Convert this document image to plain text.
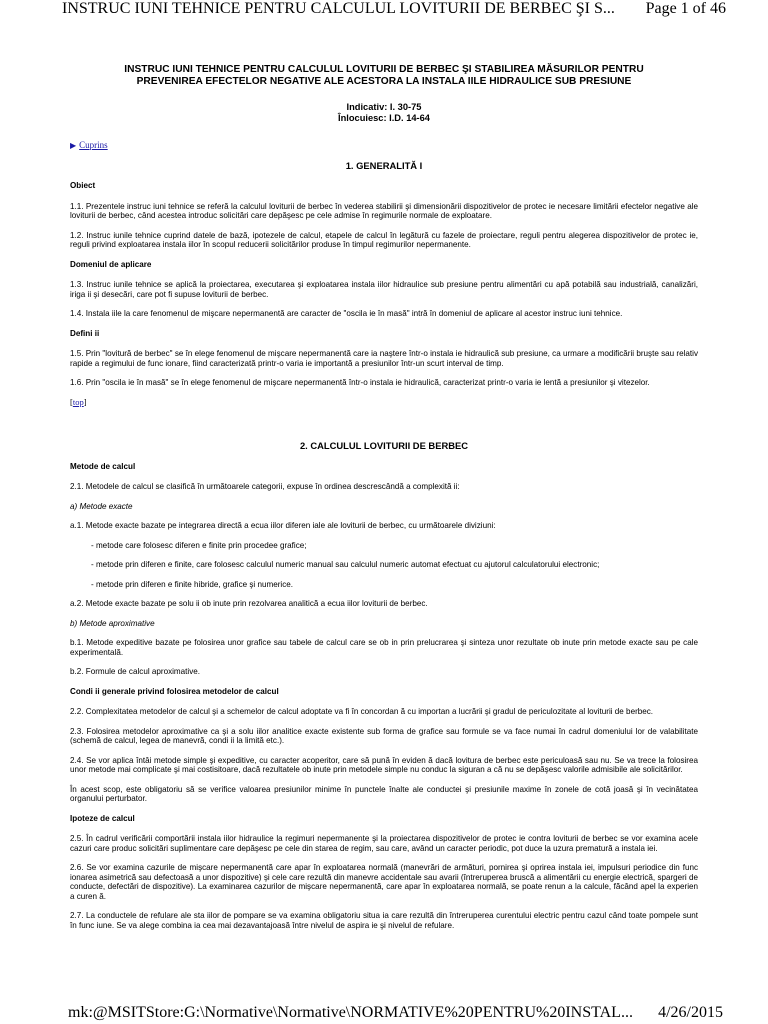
INSTRUC IUNI TEHNICE PENTRU CALCULUL LOVITURII DE BERBEC ŞI S... Page 1 of 46
INSTRUC IUNI TEHNICE PENTRU CALCULUL LOVITURII DE BERBEC ŞI STABILIREA MĂSURILOR PENTRU
PREVENIREA EFECTELOR NEGATIVE ALE ACESTORA LA INSTALA IILE HIDRAULICE SUB PRESIUNE
Indicativ: I. 30-75
Înlocuiesc: I.D. 14-64
▶ Cuprins
1. GENERALITĂ I
Obiect
1.1. Prezentele instruc iuni tehnice se referă la calculul loviturii de berbec în vederea stabilirii şi dimensionării dispozitivelor de protec ie necesare limitării efectelor negative ale loviturii de berbec, când acestea introduc solicitări care depăşesc pe cele admise în regimurile normale de exploatare.
1.2. Instruc iunile tehnice cuprind datele de bază, ipotezele de calcul, etapele de calcul în legătură cu fazele de proiectare, reguli pentru alegerea dispozitivelor de protec ie, reguli privind exploatarea instala iilor în scopul reducerii solicitărilor produse în timpul regimurilor nepermanente.
Domeniul de aplicare
1.3. Instruc iunile tehnice se aplică la proiectarea, executarea şi exploatarea instala iilor hidraulice sub presiune pentru alimentări cu apă potabilă sau industrială, canalizări, iriga ii şi desecări, care pot fi supuse loviturii de berbec.
1.4. Instala iile la care fenomenul de mişcare nepermanentă are caracter de "oscila ie în masă" intră în domeniul de aplicare al acestor instruc iuni tehnice.
Defini ii
1.5. Prin "lovitură de berbec" se în elege fenomenul de mişcare nepermanentă care ia naştere într-o instala ie hidraulică sub presiune, ca urmare a modificării bruşte sau relativ rapide a regimului de func ionare, fiind caracterizată printr-o varia ie importantă a presiunilor într-un scurt interval de timp.
1.6. Prin "oscila ie în masă" se în elege fenomenul de mişcare nepermanentă într-o instala ie hidraulică, caracterizat printr-o varia ie lentă a presiunilor şi vitezelor.
[top]
2. CALCULUL LOVITURII DE BERBEC
Metode de calcul
2.1. Metodele de calcul se clasifică în următoarele categorii, expuse în ordinea descrescândă a complexită ii:
a) Metode exacte
a.1. Metode exacte bazate pe integrarea directă a ecua iilor diferen iale ale loviturii de berbec, cu următoarele diviziuni:
- metode care folosesc diferen e finite prin procedee grafice;
- metode prin diferen e finite, care folosesc calculul numeric manual sau calculul numeric automat efectuat cu ajutorul calculatorului electronic;
- metode prin diferen e finite hibride, grafice şi numerice.
a.2. Metode exacte bazate pe solu ii ob inute prin rezolvarea analitică a ecua iilor loviturii de berbec.
b) Metode aproximative
b.1. Metode expeditive bazate pe folosirea unor grafice sau tabele de calcul care se ob in prin prelucrarea şi sinteza unor rezultate ob inute prin metode exacte sau pe cale experimentală.
b.2. Formule de calcul aproximative.
Condi ii generale privind folosirea metodelor de calcul
2.2. Complexitatea metodelor de calcul şi a schemelor de calcul adoptate va fi în concordan ă cu importan a lucrării şi gradul de periculozitate al loviturii de berbec.
2.3. Folosirea metodelor aproximative ca şi a solu iilor analitice exacte existente sub forma de grafice sau formule se va face numai în cadrul domeniului lor de valabilitate (schemă de calcul, legea de manevră, condi ii la limită etc.).
2.4. Se vor aplica întâi metode simple şi expeditive, cu caracter acoperitor, care să pună în eviden ă dacă lovitura de berbec este periculoasă sau nu. Se va trece la folosirea unor metode mai complicate şi mai costisitoare, dacă rezultatele ob inute prin metodele simple nu conduc la siguran a că nu se depăşesc valorile admisibile ale solicitărilor.
În acest scop, este obligatoriu să se verifice valoarea presiunilor minime în punctele înalte ale conductei şi presiunile maxime în zonele de cotă joasă şi în vecinătatea organului perturbator.
Ipoteze de calcul
2.5. În cadrul verificării comportării instala iilor hidraulice la regimuri nepermanente şi la proiectarea dispozitivelor de protec ie contra loviturii de berbec se vor examina acele cazuri care produc solicitări suplimentare care depăşesc pe cele din starea de regim, sau care, având un caracter periodic, pot duce la uzura prematură a instala iei.
2.6. Se vor examina cazurile de mişcare nepermanentă care apar în exploatarea normală (manevrări de armături, pornirea şi oprirea instala iei, impulsuri periodice din func ionarea asimetrică sau defectoasă a unor dispozitive) şi cele care rezultă din manevre accidentale sau avarii (întreruperea bruscă a alimentării cu energie electrică, spargeri de conducte, defectări de dispozitive). La examinarea cazurilor de mişcare nepermanentă, care apar în exploatarea normală, se poate renun a la calcule, făcând apel la experien a curen ă.
2.7. La conductele de refulare ale sta iilor de pompare se va examina obligatoriu situa ia care rezultă din întreruperea curentului electric pentru cazul când toate pompele sunt în func iune. Se va alege combina ia cea mai dezavantajoasă între nivelul de aspira ie şi nivelul de refulare.
mk:@MSITStore:G:\Normative\Normative\NORMATIVE%20PENTRU%20INSTAL... 4/26/2015
